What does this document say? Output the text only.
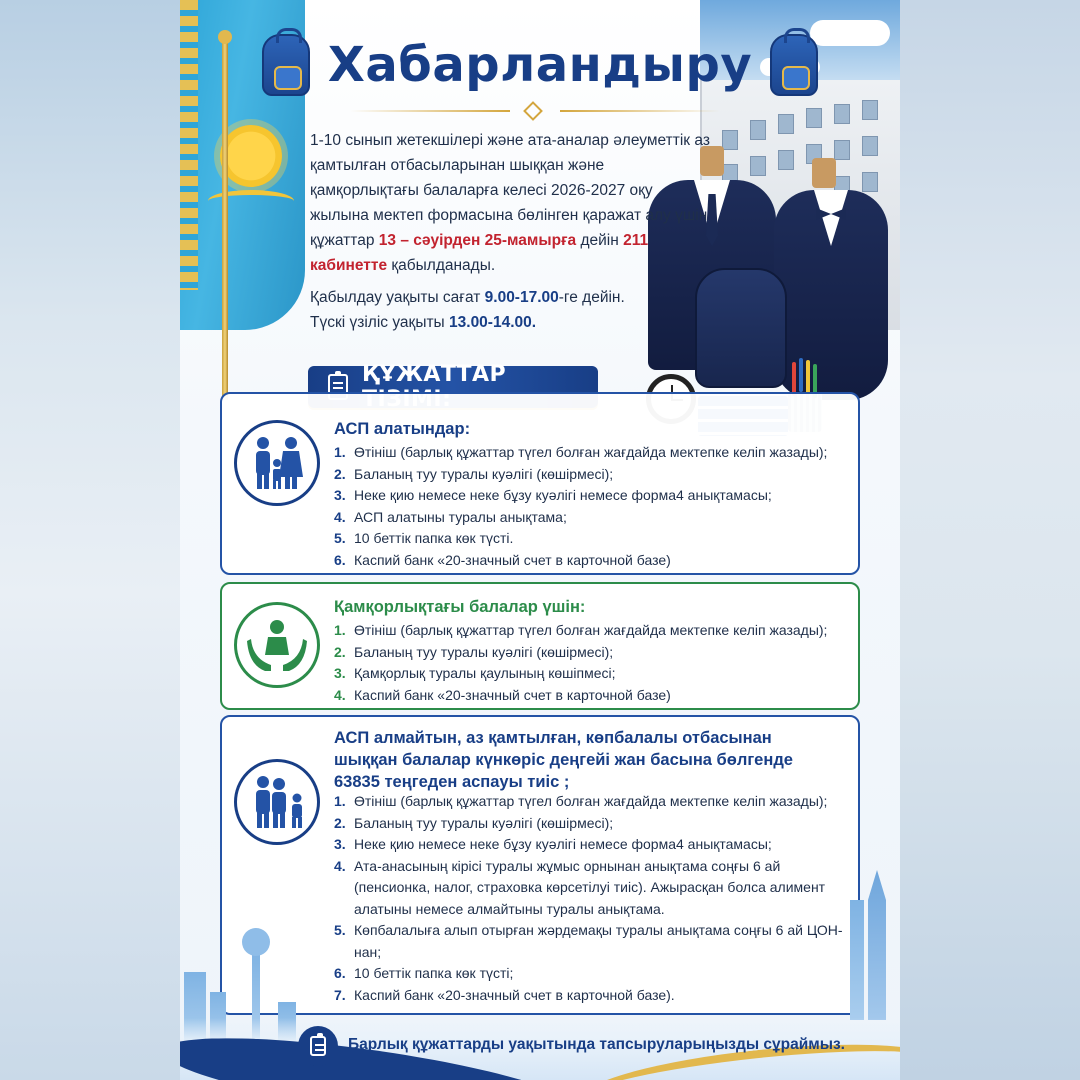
Хабарландыру

1-10 сынып жетекшілері және ата-аналар әлеуметтік аз қамтылған отбасыларынан шыққан және қамқорлықтағы балаларға келесі 2026-2027 оқу жылына мектеп формасына бөлінген қаражат алу үшін құжаттар 13 – сәуірден 25-мамырға дейін 211 кабинетте қабылданады.

Қабылдау уақыты сағат 9.00-17.00-ге дейін.
Түскі үзіліс уақыты 13.00-14.00.
ҚҰЖАТТАР
АСП алатындар:
1. Өтініш (барлық құжаттар түгел болған жағдайда мектепке келіп жазады);
2. Баланың туу туралы куәлігі (көшірмесі);
3. Неке қию немесе неке бұзу куәлігі немесе форма4 анықтамасы;
4. АСП алатыны туралы анықтама;
5. 10 беттік папка көк түсті.
6. Каспий банк «20-значный счет в карточной базе)
Қамқорлықтағы балалар үшін:
1. Өтініш (барлық құжаттар түгел болған жағдайда мектепке келіп жазады);
2. Баланың туу туралы куәлігі (көшірмесі);
3. Қамқорлық туралы қаулының көшіпмесі;
4. Каспий банк «20-значный счет в карточной базе)
АСП алмайтын, аз қамтылған, көпбалалы отбасынан шыққан балалар күнкөріс деңгейі жан басына бөлгенде 63835 теңгеден аспауы тиіс ;
1. Өтініш (барлық құжаттар түгел болған жағдайда мектепке келіп жазады);
2. Баланың туу туралы куәлігі (көшірмесі);
3. Неке қию немесе неке бұзу куәлігі немесе форма4 анықтамасы;
4. Ата-анасының кірісі туралы жұмыс орнынан анықтама соңғы 6 ай (пенсионка, налог, страховка көрсетілуі тиіс). Ажырасқан болса алимент алатыны немесе алмайтыны туралы анықтама.
5. Көпбалалыға алып отырған жәрдемақы туралы анықтама соңғы 6 ай ЦОН-нан;
6. 10 беттік папка көк түсті;
7. Каспий банк «20-значный счет в карточной базе).
Барлық құжаттарды уақытында тапсыруларыңызды сұраймыз.
